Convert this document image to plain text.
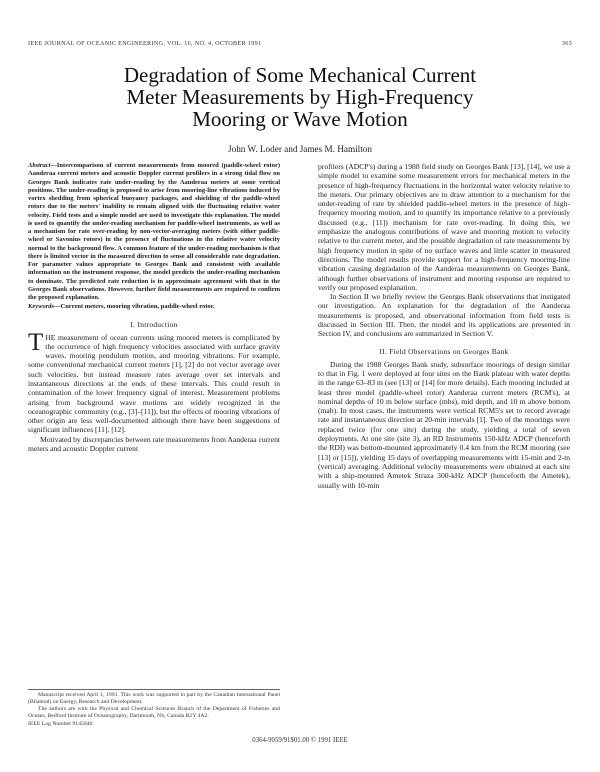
IEEE JOURNAL OF OCEANIC ENGINEERING, VOL. 16, NO. 4, OCTOBER 1991	363
Degradation of Some Mechanical Current
Meter Measurements by High-Frequency
Mooring or Wave Motion
John W. Loder and James M. Hamilton
Abstract—Intercomparison of current measurements from moored (paddle-wheel rotor) Aanderaa current meters and acoustic Doppler current profilers in a strong tidal flow on Georges Bank indicates rate under-reading by the Aanderaa meters at some vertical positions. The under-reading is proposed to arise from mooring-line vibrations induced by vortex shedding from spherical buoyancy packages, and shielding of the paddle-wheel rotors due to the meters' inability to remain aligned with the fluctuating relative water velocity. Field tests and a simple model are used to investigate this explanation. The model is used to quantify the under-reading mechanism for paddle-wheel instruments, as well as a mechanism for rate over-reading by non-vector-averaging meters (with either paddle-wheel or Savonius rotors) in the presence of fluctuations in the relative water velocity normal to the background flow. A common feature of the under-reading mechanism is that there is limited vector in the measured direction to sense all considerable rate degradation. For parameter values appropriate to Georges Bank and consistent with available information on the instrument response, the model predicts the under-reading mechanism to dominate. The predicted rate reduction is in approximate agreement with that in the Georges Bank observations. However, further field measurements are required to confirm the proposed explanation.
Keywords—Current meters, mooring vibration, paddle-wheel rotor.
I. Introduction

THE measurement of ocean currents using moored meters is complicated by the occurrence of high frequency velocities associated with surface gravity waves, mooring pendulum motion, and mooring vibrations. For example, some conventional mechanical current meters [1], [2] do not vector average over such velocities, but instead measure rates average over set intervals and instantaneous directions at the ends of these intervals. This could result in contamination of the lower frequency signal of interest. Measurement problems arising from background wave motions are widely recognized in the oceanographic community (e.g., [3]–[11]), but the effects of mooring vibrations of other origin are less well-documented although there have been suggestions of significant influences [11], [12].

Motivated by discrepancies between rate measurements from Aanderaa current meters and acoustic Doppler current

Manuscript received April 1, 1991. This work was supported in part by the Canadian International Panel (Bilateral) on Energy, Research and Development.

The authors are with the Physical and Chemical Sciences Branch of the Department of Fisheries and Oceans, Bedford Institute of Oceanography, Dartmouth, NS, Canada B2Y 4A2.

IEEE Log Number 9145040.

profilers (ADCP's) during a 1988 field study on Georges Bank [13], [14], we use a simple model to examine some measurement errors for mechanical meters in the presence of high-frequency fluctuations in the horizontal water velocity relative to the meters. Our primary objectives are to draw attention to a mechanism for the under-reading of rate by shielded paddle-wheel meters in the presence of high-frequency mooring motion, and to quantify its importance relative to a previously discussed (e.g., [11]) mechanism for rate over-reading. In doing this, we emphasize the analogous contributions of wave and mooring motion to velocity relative to the current meter, and the possible degradation of rate measurements by high frequency motion in spite of no surface waves and little scatter in measured directions. The model results provide support for a high-frequency mooring-line vibration causing degradation of the Aanderaa measurements on Georges Bank, although further observations of instrument and mooring response are required to verify our proposed explanation.

In Section II we briefly review the Georges Bank observations that instigated our investigation. An explanation for the degradation of the Aanderaa measurements is proposed, and observational information from field tests is discussed in Section III. Then, the model and its applications are presented in Section IV, and conclusions are summarized in Section V.

II. Field Observations on Georges Bank

During the 1988 Georges Bank study, subsurface moorings of design similar to that in Fig. 1 were deployed at four sites on the Bank plateau with water depths in the range 63–83 m (see [13] or [14] for more details). Each mooring included at least three model (paddle-wheel rotor) Aanderaa current meters (RCM's), at nominal depths of 10 m below surface (mbs), mid depth, and 10 m above bottom (mab). In most cases, the instruments were vertical RCM5's set to record average rate and instantaneous direction at 20-min intervals [1]. Two of the moorings were replaced twice (for one site) during the study, yielding a total of seven deployments. At one site (site 3), an RD Instruments 150-kHz ADCP (henceforth the RDI) was bottom-mounted approximately 0.4 km from the RCM mooring (see [13] or [15]), yielding 15 days of overlapping measurements with 15-min and 2-m (vertical) averaging. Additional velocity measurements were obtained at each site with a ship-mounted Ametek Straza 300-kHz ADCP (henceforth the Ametek), usually with 10-min

0364-9059/91$01.00 © 1991 IEEE
